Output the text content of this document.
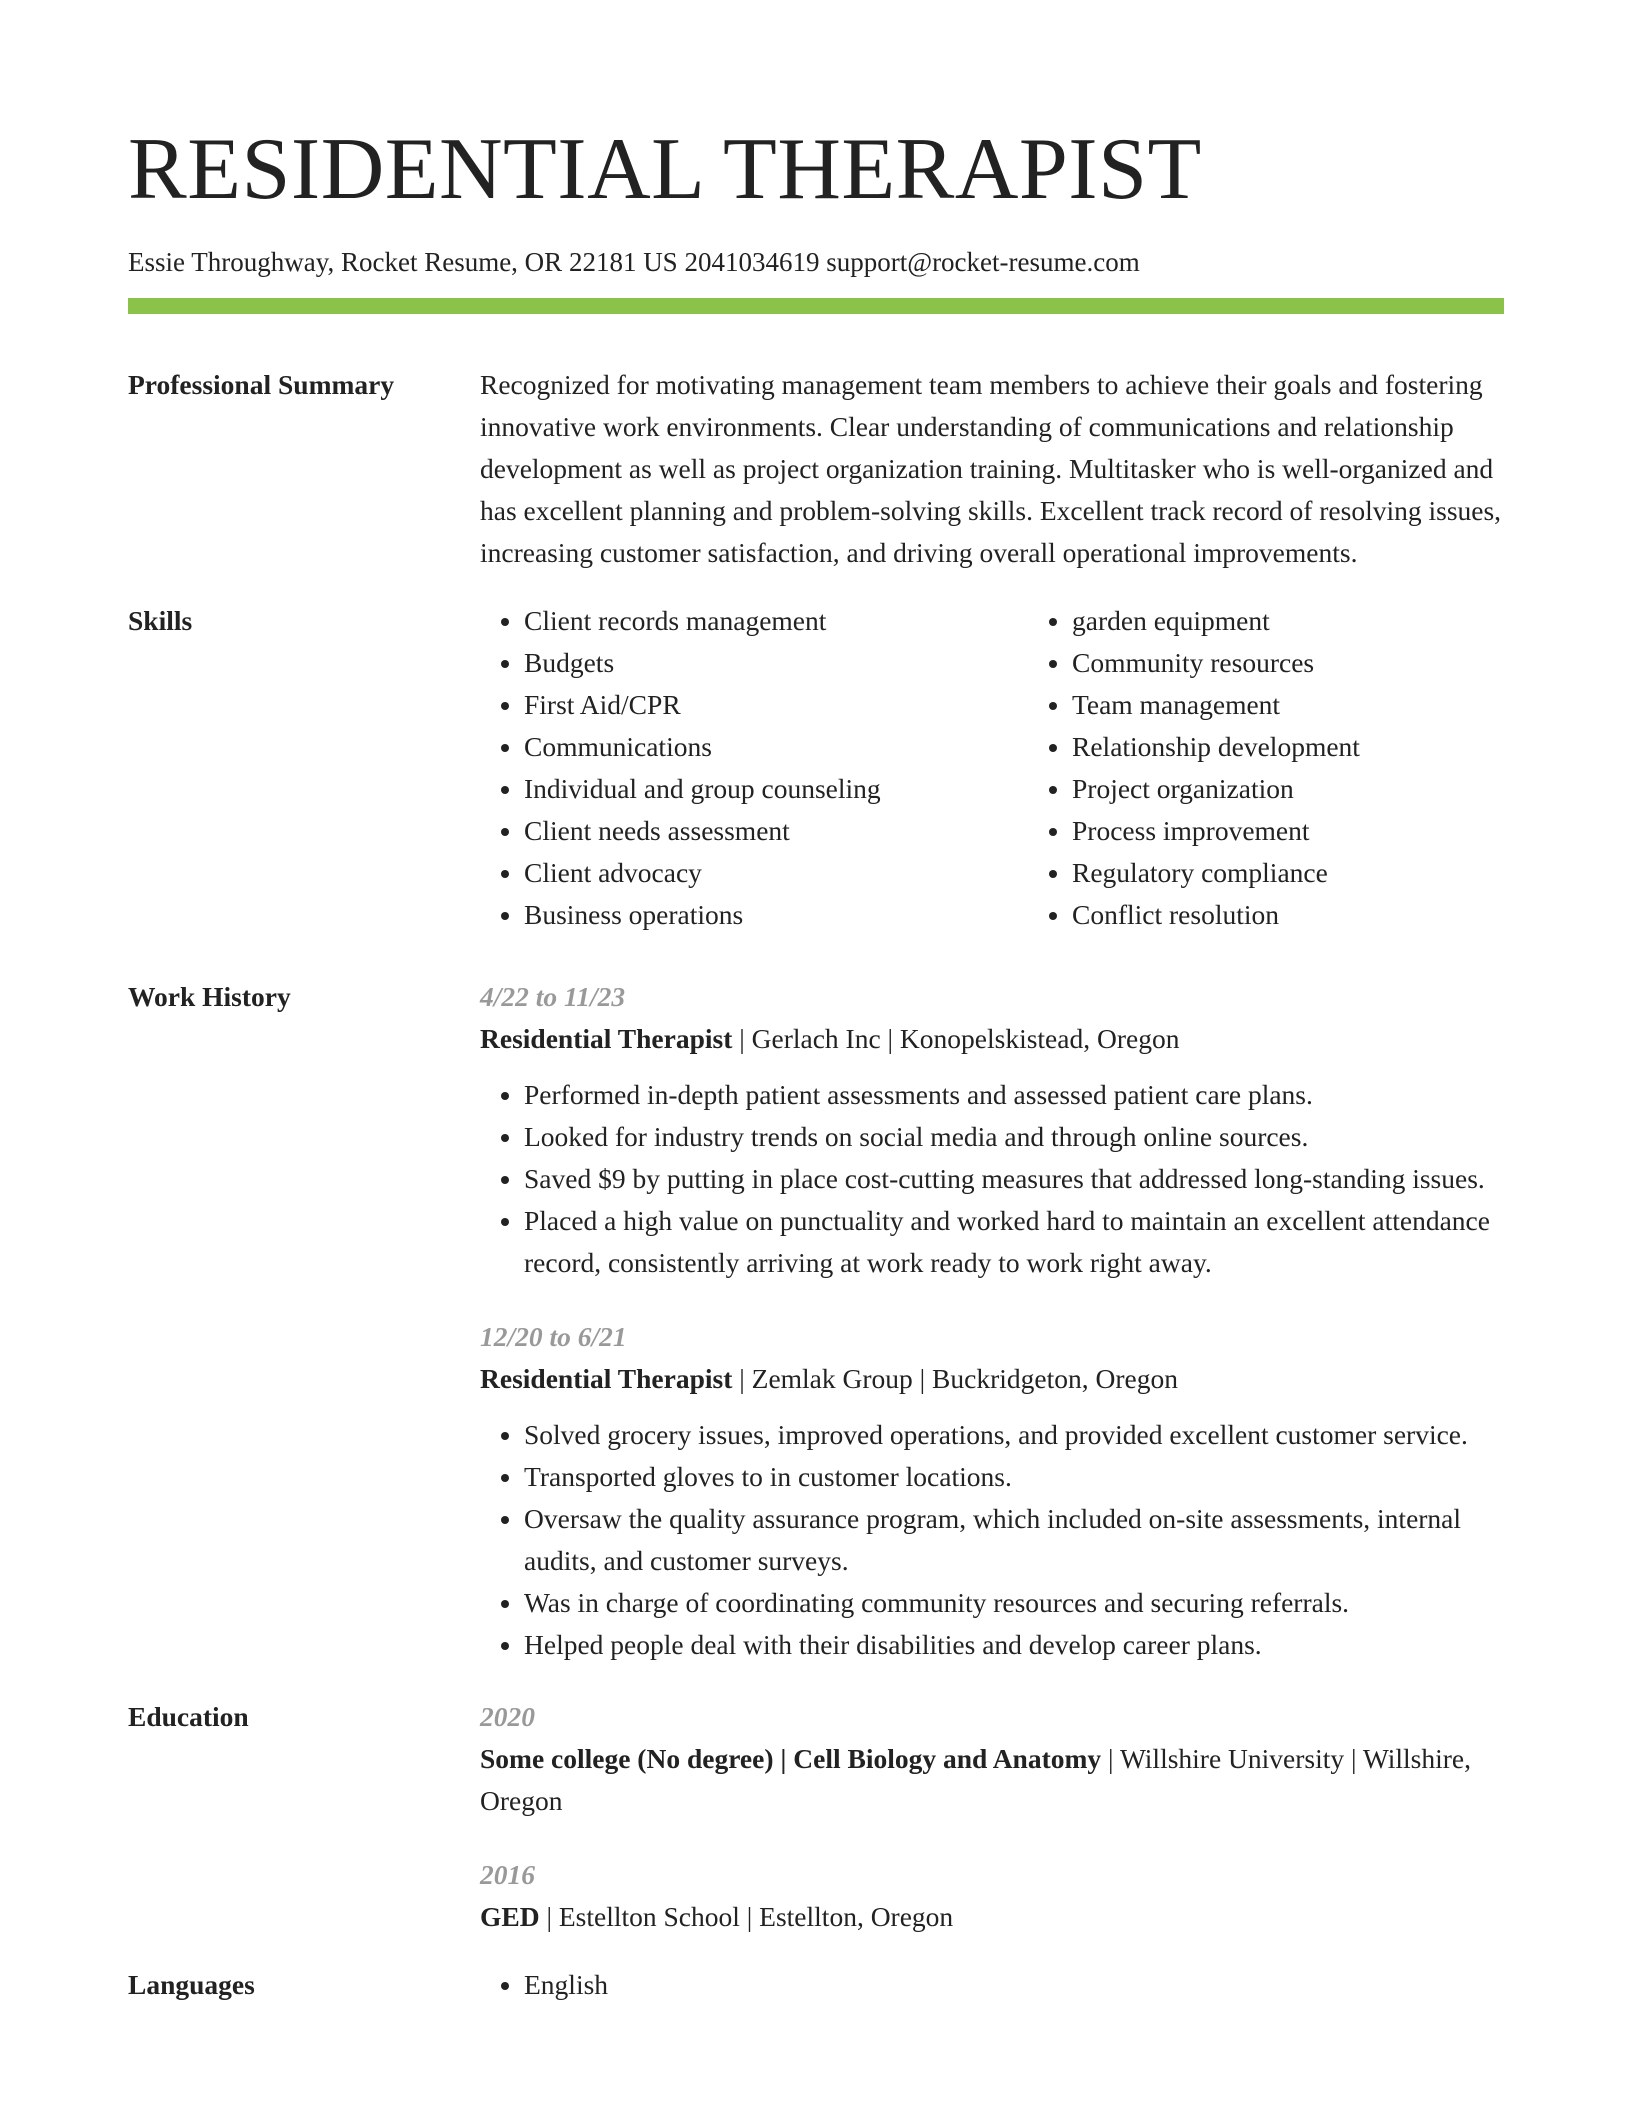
RESIDENTIAL THERAPIST
Essie Throughway, Rocket Resume, OR 22181 US 2041034619 support@rocket-resume.com
Professional Summary	Recognized for motivating management team members to achieve their goals and fostering innovative work environments. Clear understanding of communications and relationship development as well as project organization training. Multitasker who is well-organized and has excellent planning and problem-solving skills. Excellent track record of resolving issues, increasing customer satisfaction, and driving overall operational improvements.
Skills	• Client records management
• Budgets
• First Aid/CPR
• Communications
• Individual and group counseling
• Client needs assessment
• Client advocacy
• Business operations
• garden equipment
• Community resources
• Team management
• Relationship development
• Project organization
• Process improvement
• Regulatory compliance
• Conflict resolution
Work History	4/22 to 11/23
Residential Therapist | Gerlach Inc | Konopelskistead, Oregon
• Performed in-depth patient assessments and assessed patient care plans.
• Looked for industry trends on social media and through online sources.
• Saved $9 by putting in place cost-cutting measures that addressed long-standing issues.
• Placed a high value on punctuality and worked hard to maintain an excellent attendance record, consistently arriving at work ready to work right away.
12/20 to 6/21
Residential Therapist | Zemlak Group | Buckridgeton, Oregon
• Solved grocery issues, improved operations, and provided excellent customer service.
• Transported gloves to in customer locations.
• Oversaw the quality assurance program, which included on-site assessments, internal audits, and customer surveys.
• Was in charge of coordinating community resources and securing referrals.
• Helped people deal with their disabilities and develop career plans.
Education	2020
Some college (No degree) | Cell Biology and Anatomy | Willshire University | Willshire, Oregon
2016
GED | Estellton School | Estellton, Oregon
Languages	• English
